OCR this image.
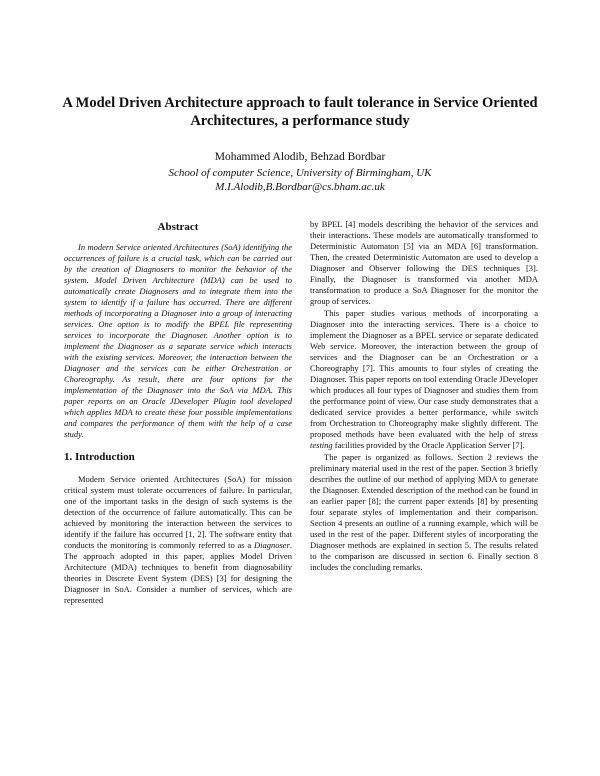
A Model Driven Architecture approach to fault tolerance in Service Oriented Architectures, a performance study
Mohammed Alodib, Behzad Bordbar
School of computer Science, University of Birmingham, UK
M.I.Alodib,B.Bordbar@cs.bham.ac.uk
Abstract

In modern Service oriented Architectures (SoA) identifying the occurrences of failure is a crucial task, which can be carried out by the creation of Diagnosers to monitor the behavior of the system. Model Driven Architecture (MDA) can be used to automatically create Diagnosers and to integrate them into the system to identify if a failure has occurred. There are different methods of incorporating a Diagnoser into a group of interacting services. One option is to modify the BPEL file representing services to incorporate the Diagnoser. Another option is to implement the Diagnoser as a separate service which interacts with the existing services. Moreover, the interaction between the Diagnoser and the services can be either Orchestration or Choreography. As result, there are four options for the implementation of the Diagnoser into the SoA via MDA. This paper reports on an Oracle JDeveloper Plugin tool developed which applies MDA to create these four possible implementations and compares the performance of them with the help of a case study.

1. Introduction

Modern Service oriented Architectures (SoA) for mission critical system must tolerate occurrences of failure. In particular, one of the important tasks in the design of such systems is the detection of the occurrence of failure automatically. This can be achieved by monitoring the interaction between the services to identify if the failure has occurred [1, 2]. The software entity that conducts the monitoring is commonly referred to as a Diagnoser. The approach adopted in this paper, applies Model Driven Architecture (MDA) techniques to benefit from diagnosability theories in Discrete Event System (DES) [3] for designing the Diagnoser in SoA. Consider a number of services, which are represented

by BPEL [4] models describing the behavior of the services and their interactions. These models are automatically transformed to Deterministic Automaton [5] via an MDA [6] transformation. Then, the created Deterministic Automaton are used to develop a Diagnoser and Observer following the DES techniques [3]. Finally, the Diagnoser is transformed via another MDA transformation to produce a SoA Diagnoser for the monitor the group of services.

This paper studies various methods of incorporating a Diagnoser into the interacting services. There is a choice to implement the Diagnoser as a BPEL service or separate dedicated Web service. Moreover, the interaction between the group of services and the Diagnoser can be an Orchestration or a Choreography [7]. This amounts to four styles of creating the Diagnoser. This paper reports on tool extending Oracle JDeveloper which produces all four types of Diagnoser and studies them from the performance point of view. Our case study demonstrates that a dedicated service provides a better performance, while switch from Orchestration to Choreography make slightly different. The proposed methods have been evaluated with the help of stress testing facilities provided by the Oracle Application Server [7].

The paper is organized as follows. Section 2 reviews the preliminary material used in the rest of the paper. Section 3 briefly describes the outline of our method of applying MDA to generate the Diagnoser. Extended description of the method can be found in an earlier paper [8]; the current paper extends [8] by presenting four separate styles of implementation and their comparison. Section 4 presents an outline of a running example, which will be used in the rest of the paper. Different styles of incorporating the Diagnoser methods are explained in section 5. The results related to the comparison are discussed in section 6. Finally section 8 includes the concluding remarks.
